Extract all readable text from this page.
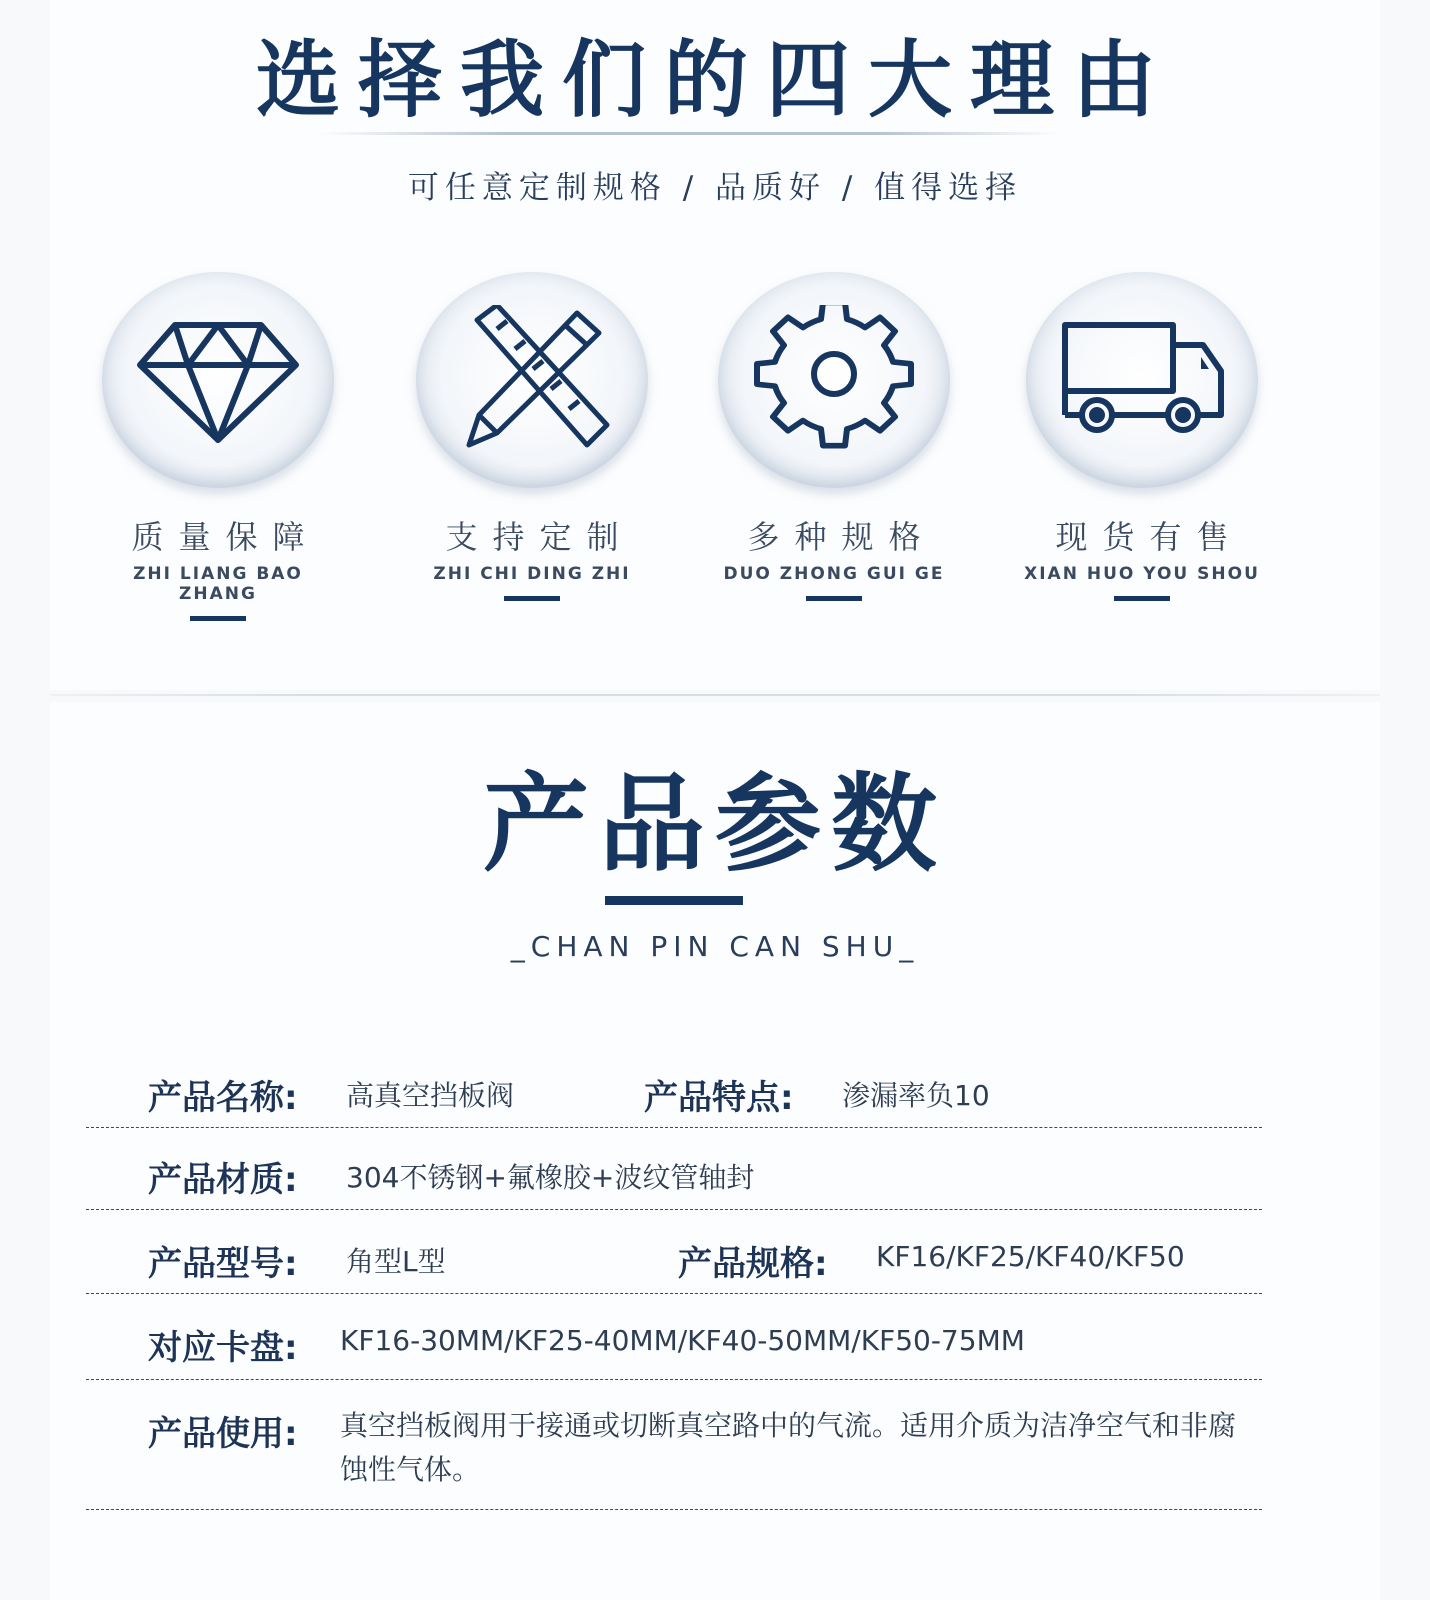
选择我们的四大理由
可任意定制规格 / 品质好 / 值得选择
质量保障
ZHI LIANG BAO ZHANG
支持定制
ZHI CHI DING ZHI
多种规格
DUO ZHONG GUI GE
现货有售
XIAN HUO YOU SHOU
产品参数
_CHAN PIN CAN SHU_
产品名称: 高真空挡板阀	产品特点: 渗漏率负10
产品材质: 304不锈钢+氟橡胶+波纹管轴封
产品型号: 角型L型	产品规格: KF16/KF25/KF40/KF50
对应卡盘: KF16-30MM/KF25-40MM/KF40-50MM/KF50-75MM
产品使用: 真空挡板阀用于接通或切断真空路中的气流。适用介质为洁净空气和非腐蚀性气体。
